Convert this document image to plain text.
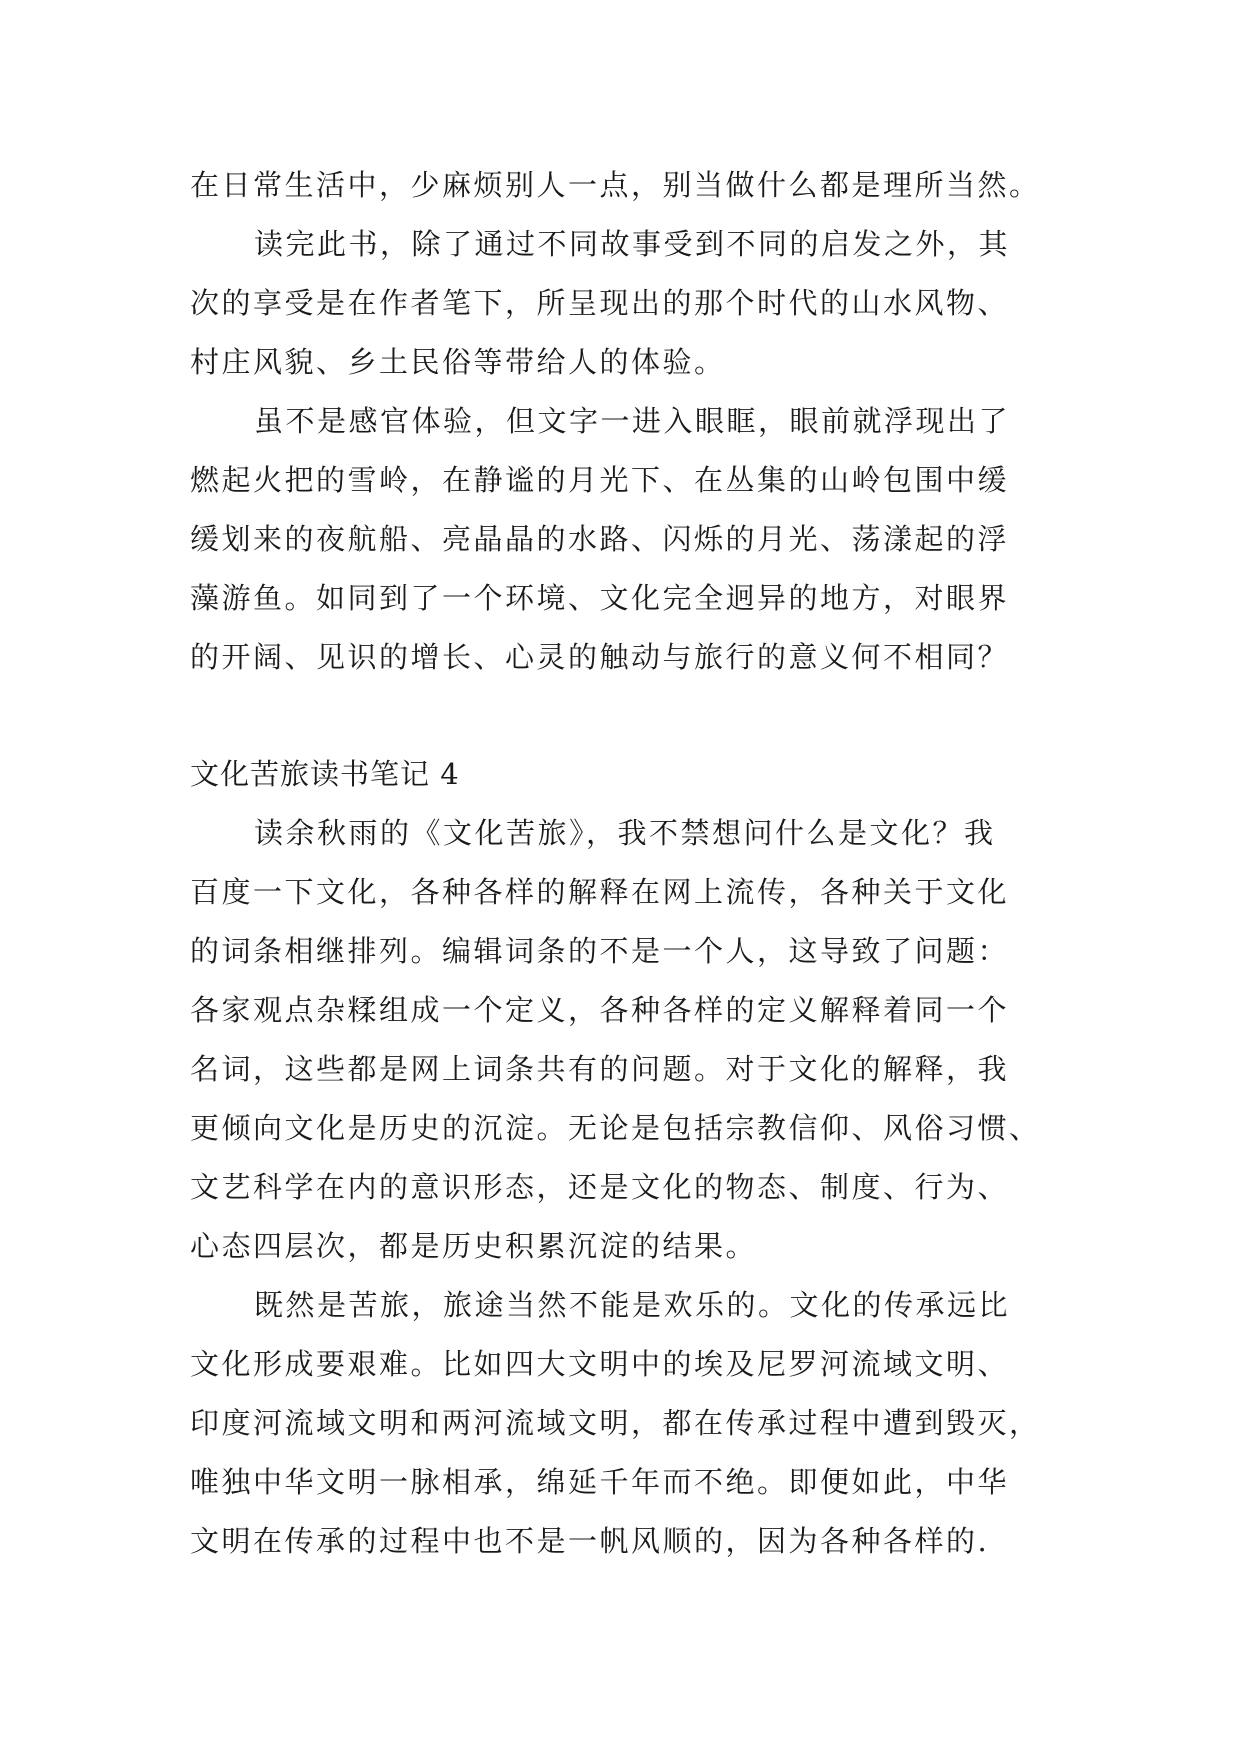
在日常生活中，少麻烦别人一点，别当做什么都是理所当然。
读完此书，除了通过不同故事受到不同的启发之外，其
次的享受是在作者笔下，所呈现出的那个时代的山水风物、
村庄风貌、乡土民俗等带给人的体验。
虽不是感官体验，但文字一进入眼眶，眼前就浮现出了
燃起火把的雪岭，在静谧的月光下、在丛集的山岭包围中缓
缓划来的夜航船、亮晶晶的水路、闪烁的月光、荡漾起的浮
藻游鱼。如同到了一个环境、文化完全迥异的地方，对眼界
的开阔、见识的增长、心灵的触动与旅行的意义何不相同？
文化苦旅读书笔记 4
读余秋雨的《文化苦旅》，我不禁想问什么是文化？我
百度一下文化，各种各样的解释在网上流传，各种关于文化
的词条相继排列。编辑词条的不是一个人，这导致了问题：
各家观点杂糅组成一个定义，各种各样的定义解释着同一个
名词，这些都是网上词条共有的问题。对于文化的解释，我
更倾向文化是历史的沉淀。无论是包括宗教信仰、风俗习惯、
文艺科学在内的意识形态，还是文化的物态、制度、行为、
心态四层次，都是历史积累沉淀的结果。
既然是苦旅，旅途当然不能是欢乐的。文化的传承远比
文化形成要艰难。比如四大文明中的埃及尼罗河流域文明、
印度河流域文明和两河流域文明，都在传承过程中遭到毁灭，
唯独中华文明一脉相承，绵延千年而不绝。即便如此，中华
文明在传承的过程中也不是一帆风顺的，因为各种各样的.
